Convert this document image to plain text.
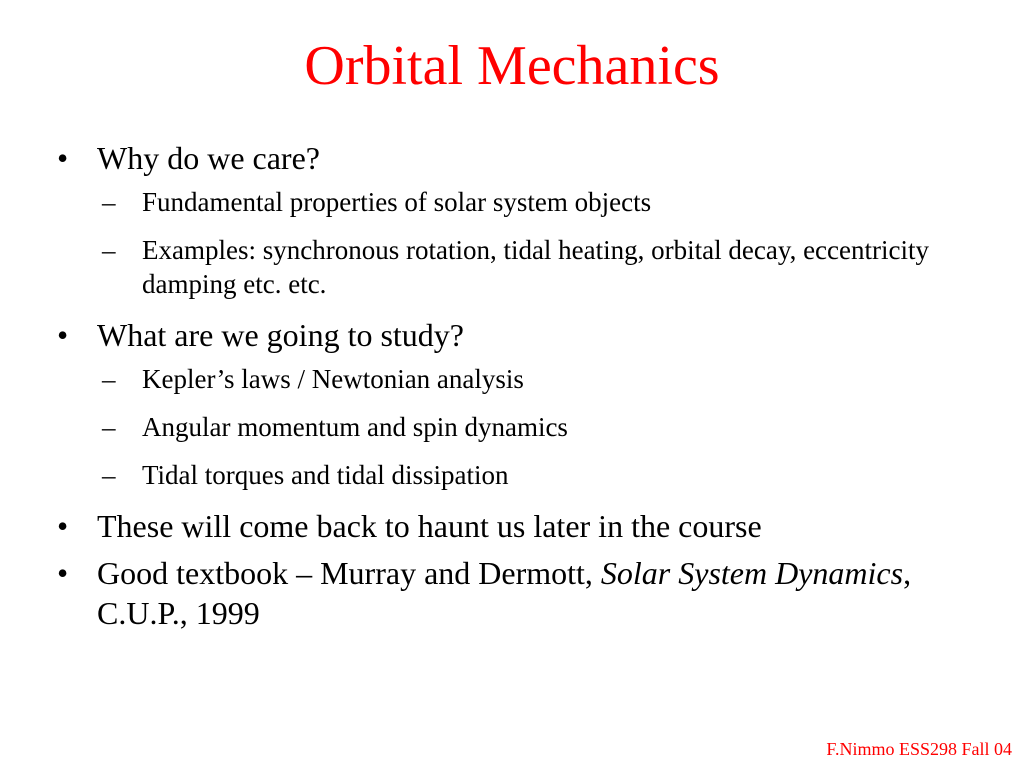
Orbital Mechanics
• Why do we care?
– Fundamental properties of solar system objects
– Examples: synchronous rotation, tidal heating, orbital decay, eccentricity damping etc. etc.
• What are we going to study?
– Kepler’s laws / Newtonian analysis
– Angular momentum and spin dynamics
– Tidal torques and tidal dissipation
• These will come back to haunt us later in the course
• Good textbook – Murray and Dermott, Solar System Dynamics, C.U.P., 1999
F.Nimmo ESS298 Fall 04
